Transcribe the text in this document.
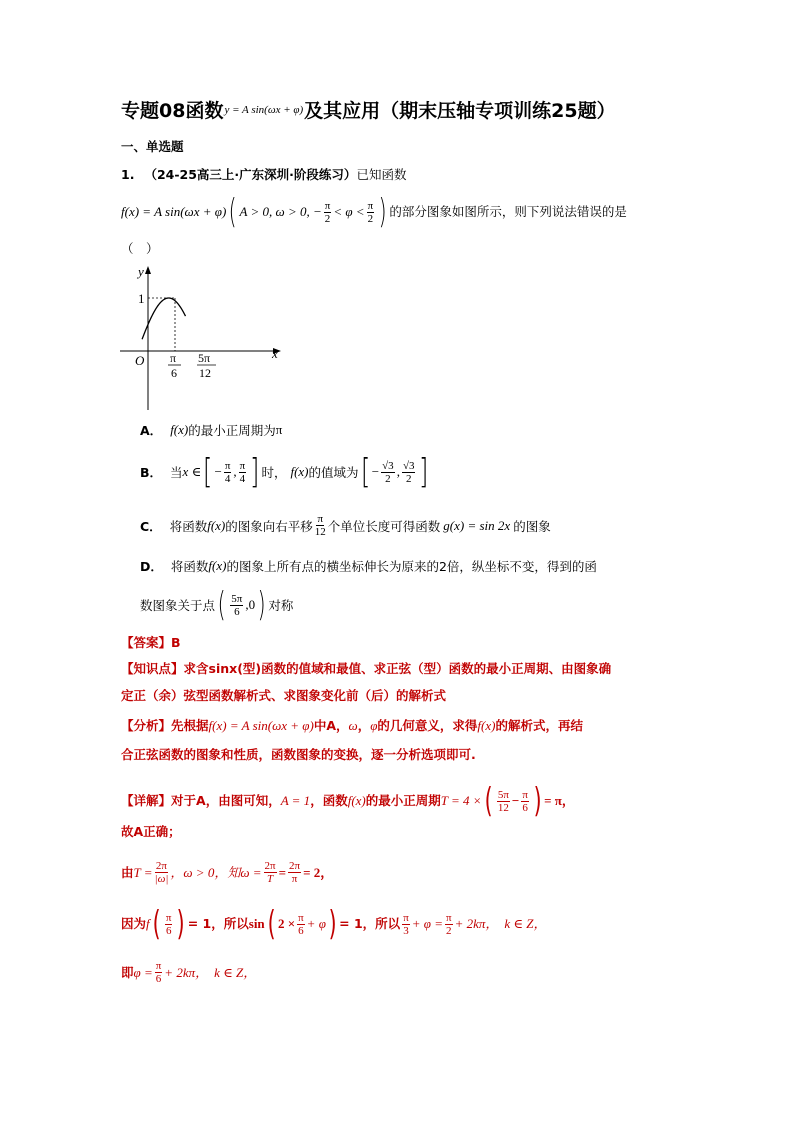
专题08函数 y = A sin(ωx + φ) 及其应用（期末压轴专项训练25题）
一、单选题
1. （24-25高三上·广东深圳·阶段练习） 已知函数
f(x) = A sin(ωx + φ) ( A > 0, ω > 0, − $\frac{\pi}{2} < \varphi < \frac{\pi}{2}$ ) 的部分图象如图所示，则下列说法错误的是
（　）
y
x
O
1
π
6
5π
12
A． f(x) 的最小正周期为 π
B． 当 x ∈ [ − $\frac{\pi}{4}$ , $\frac{\pi}{4}$ ] 时， f(x) 的值域为 [ − $\frac{√3}{2}$ , $\frac{√3}{2}$ ]
C． 将函数 f(x) 的图象向右平移 $\frac{\pi}{12}$ 个单位长度可得函数 g(x) = sin 2x 的图象
D． 将函数 f(x) 的图象上所有点的横坐标伸长为原来的2倍，纵坐标不变，得到的函
数图象关于点 ( $\frac{5\pi}{6} ,0$ ) 对称
【答案】 B
【知识点】 求含sinx(型)函数的值域和最值、求正弦（型）函数的最小正周期、由图象确
定正（余）弦型函数解析式、求图象变化前（后）的解析式
【分析】 先根据 f(x) = A sin(ωx + φ) 中A， ω ， φ 的几何意义，求得 f(x) 的解析式，再结
合正弦函数的图象和性质，函数图象的变换，逐一分析选项即可.
【详解】 对于A，由图可知， A = 1 ，函数 f(x) 的最小正周期 T = 4 × ( $\frac{5\pi}{12} - \frac{\pi}{6}$ ) = π ，
故A正确；
由 $T = \frac{2\pi}{|\omega|}$ ，ω > 0，知 $\omega = \frac{2\pi}{T} = \frac{2\pi}{\pi} = 2$，
因为 f ( $\frac{\pi}{6}$ ) = 1，所以 sin ( $2 \times \frac{\pi}{6} + \varphi$ ) = 1，所以 $\frac{\pi}{3} + \varphi = \frac{\pi}{2} + 2k\pi$， k ∈ Z，
即 $\varphi = \frac{\pi}{6} + 2k\pi$， k ∈ Z，
